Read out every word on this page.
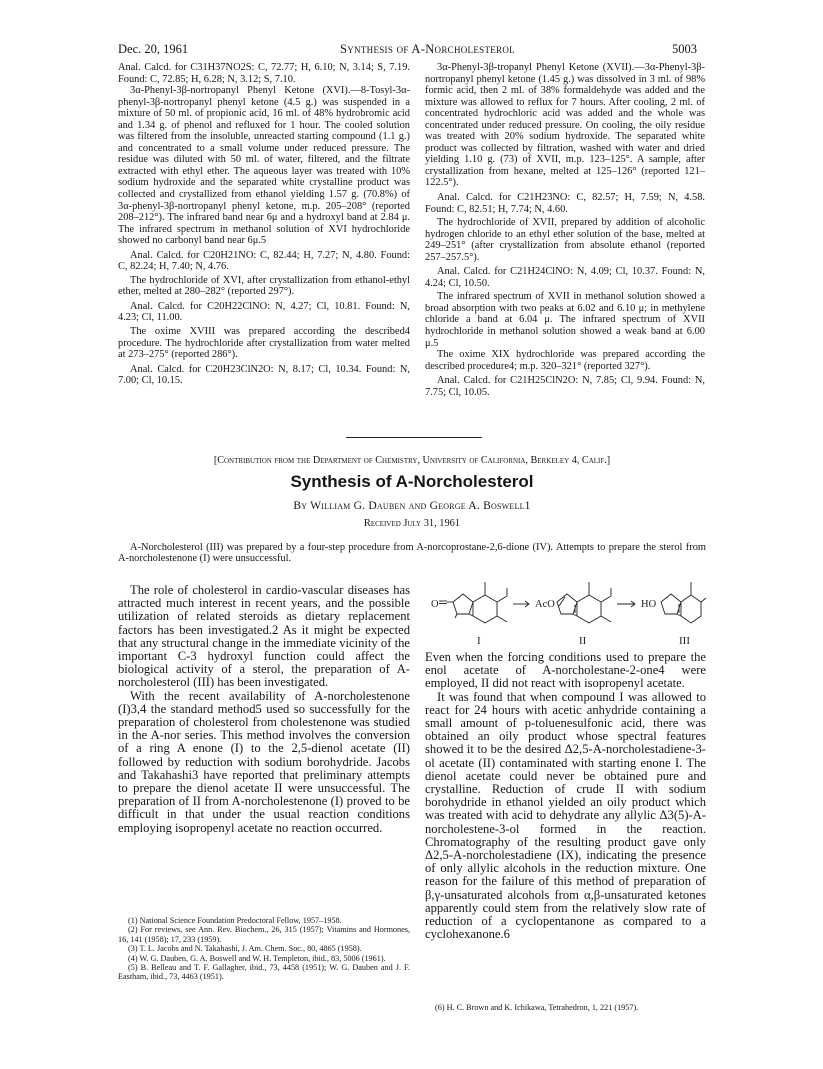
Dec. 20, 1961	Synthesis of A-Norcholesterol	5003

Anal. Calcd. for C31H37NO2S: C, 72.77; H, 6.10; N, 3.14; S, 7.19. Found: C, 72.85; H, 6.28; N, 3.12; S, 7.10.

3α-Phenyl-3β-nortropanyl Phenyl Ketone (XVI).—8-Tosyl-3α-phenyl-3β-nortropanyl phenyl ketone (4.5 g.) was suspended in a mixture of 50 ml. of propionic acid, 16 ml. of 48% hydrobromic acid and 1.34 g. of phenol and refluxed for 1 hour. The cooled solution was filtered from the insoluble, unreacted starting compound (1.1 g.) and concentrated to a small volume under reduced pressure. The residue was diluted with 50 ml. of water, filtered, and the filtrate extracted with ethyl ether. The aqueous layer was treated with 10% sodium hydroxide and the separated white crystalline product was collected and crystallized from ethanol yielding 1.57 g. (70.8%) of 3α-phenyl-3β-nortropanyl phenyl ketone, m.p. 205–208° (reported 208–212°). The infrared band near 6μ and a hydroxyl band at 2.84 μ. The infrared spectrum in methanol solution of XVI hydrochloride showed no carbonyl band near 6μ.5

Anal. Calcd. for C20H21NO: C, 82.44; H, 7.27; N, 4.80. Found: C, 82.24; H, 7.40; N, 4.76.

The hydrochloride of XVI, after crystallization from ethanol-ethyl ether, melted at 280–282° (reported 297°).

Anal. Calcd. for C20H22ClNO: N, 4.27; Cl, 10.81. Found: N, 4.23; Cl, 11.00.

The oxime XVIII was prepared according the described4 procedure. The hydrochloride after crystallization from water melted at 273–275° (reported 286°).

Anal. Calcd. for C20H23ClN2O: N, 8.17; Cl, 10.34. Found: N, 7.00; Cl, 10.15.

3α-Phenyl-3β-tropanyl Phenyl Ketone (XVII).—3α-Phenyl-3β-nortropanyl phenyl ketone (1.45 g.) was dissolved in 3 ml. of 98% formic acid, then 2 ml. of 38% formaldehyde was added and the mixture was allowed to reflux for 7 hours. After cooling, 2 ml. of concentrated hydrochloric acid was added and the whole was concentrated under reduced pressure. On cooling, the oily residue was treated with 20% sodium hydroxide. The separated white product was collected by filtration, washed with water and dried yielding 1.10 g. (73) of XVII, m.p. 123–125°. A sample, after crystallization from hexane, melted at 125–126° (reported 121–122.5°).

Anal. Calcd. for C21H23NO: C, 82.57; H, 7.59; N, 4.58. Found: C, 82.51; H, 7.74; N, 4.60.

The hydrochloride of XVII, prepared by addition of alcoholic hydrogen chloride to an ethyl ether solution of the base, melted at 249–251° (after crystallization from absolute ethanol (reported 257–257.5°).

Anal. Calcd. for C21H24ClNO: N, 4.09; Cl, 10.37. Found: N, 4.24; Cl, 10.50.

The infrared spectrum of XVII in methanol solution showed a broad absorption with two peaks at 6.02 and 6.10 μ; in methylene chloride a band at 6.04 μ. The infrared spectrum of XVII hydrochloride in methanol solution showed a weak band at 6.00 μ.5

The oxime XIX hydrochloride was prepared according the described procedure4; m.p. 320–321° (reported 327°).

Anal. Calcd. for C21H25ClN2O: N, 7.85; Cl, 9.94. Found: N, 7.75; Cl, 10.05.

[Contribution from the Department of Chemistry, University of California, Berkeley 4, Calif.]
Synthesis of A-Norcholesterol
By William G. Dauben and George A. Boswell1
Received July 31, 1961
A-Norcholesterol (III) was prepared by a four-step procedure from A-norcoprostane-2,6-dione (IV). Attempts to prepare the sterol from A-norcholestenone (I) were unsuccessful.

The role of cholesterol in cardio-vascular diseases has attracted much interest in recent years, and the possible utilization of related steroids as dietary replacement factors has been investigated.2 As it might be expected that any structural change in the immediate vicinity of the important C-3 hydroxyl function could affect the biological activity of a sterol, the preparation of A-norcholesterol (III) has been investigated.

With the recent availability of A-norcholestenone (I)3,4 the standard method5 used so successfully for the preparation of cholesterol from cholestenone was studied in the A-nor series. This method involves the conversion of a ring A enone (I) to the 2,5-dienol acetate (II) followed by reduction with sodium borohydride. Jacobs and Takahashi3 have reported that preliminary attempts to prepare the dienol acetate II were unsuccessful. The preparation of II from A-norcholestenone (I) proved to be difficult in that under the usual reaction conditions employing isopropenyl acetate no reaction occurred.

(1) National Science Foundation Predoctoral Fellow, 1957–1958.

(2) For reviews, see Ann. Rev. Biochem., 26, 315 (1957); Vitamins and Hormones, 16, 141 (1958); 17, 233 (1959).

(3) T. L. Jacobs and N. Takahashi, J. Am. Chem. Soc., 80, 4865 (1958).

(4) W. G. Dauben, G. A. Boswell and W. H. Templeton, ibid., 83, 5006 (1961).

(5) B. Belleau and T. F. Gallagher, ibid., 73, 4458 (1951); W. G. Dauben and J. F. Eastham, ibid., 73, 4463 (1951).

O	AcO	HO
I	II	III

Even when the forcing conditions used to prepare the enol acetate of A-norcholestane-2-one4 were employed, II did not react with isopropenyl acetate.

It was found that when compound I was allowed to react for 24 hours with acetic anhydride containing a small amount of p-toluenesulfonic acid, there was obtained an oily product whose spectral features showed it to be the desired Δ2,5-A-norcholestadiene-3-ol acetate (II) contaminated with starting enone I. The dienol acetate could never be obtained pure and crystalline. Reduction of crude II with sodium borohydride in ethanol yielded an oily product which was treated with acid to dehydrate any allylic Δ3(5)-A-norcholestene-3-ol formed in the reaction. Chromatography of the resulting product gave only Δ2,5-A-norcholestadiene (IX), indicating the presence of only allylic alcohols in the reduction mixture. One reason for the failure of this method of preparation of β,γ-unsaturated alcohols from α,β-unsaturated ketones apparently could stem from the relatively slow rate of reduction of a cyclopentanone as compared to a cyclohexanone.6

(6) H. C. Brown and K. Ichikawa, Tetrahedron, 1, 221 (1957).
